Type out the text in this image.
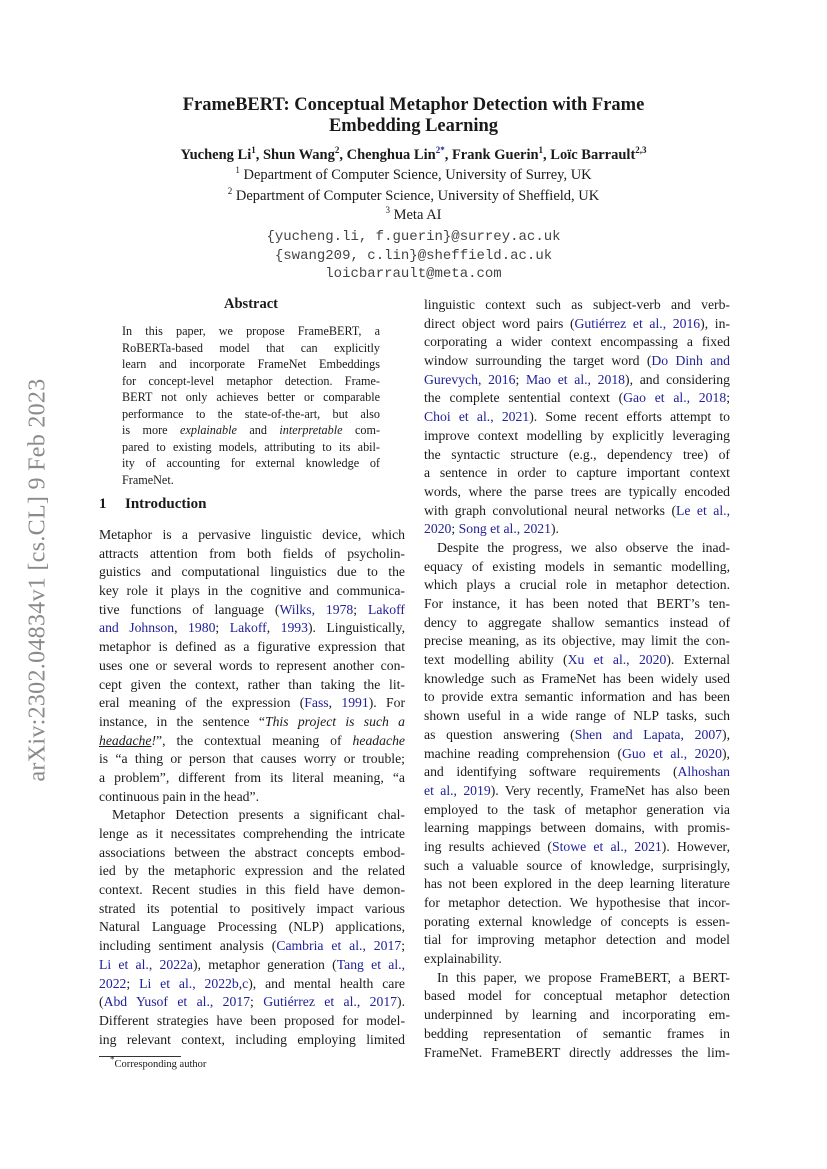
arXiv:2302.04834v1 [cs.CL] 9 Feb 2023
FrameBERT: Conceptual Metaphor Detection with Frame
Embedding Learning
Yucheng Li$^1$, Shun Wang$^2$, Chenghua Lin$^{2*}$, Frank Guerin$^1$, Loïc Barrault$^{2,3}$
$^1$ Department of Computer Science, University of Surrey, UK
$^2$ Department of Computer Science, University of Sheffield, UK
$^3$ Meta AI
{yucheng.li, f.guerin}@surrey.ac.uk
{swang209, c.lin}@sheffield.ac.uk
loicbarrault@meta.com
Abstract
In this paper, we propose FrameBERT, a
RoBERTa-based model that can explicitly
learn and incorporate FrameNet Embeddings
for concept-level metaphor detection. Frame-
BERT not only achieves better or comparable
performance to the state-of-the-art, but also
is more explainable and interpretable com-
pared to existing models, attributing to its abil-
ity of accounting for external knowledge of
FrameNet.
1 Introduction
Metaphor is a pervasive linguistic device, which
attracts attention from both fields of psycholin-
guistics and computational linguistics due to the
key role it plays in the cognitive and communica-
tive functions of language (Wilks, 1978; Lakoff
and Johnson, 1980; Lakoff, 1993). Linguistically,
metaphor is defined as a figurative expression that
uses one or several words to represent another con-
cept given the context, rather than taking the lit-
eral meaning of the expression (Fass, 1991). For
instance, in the sentence “This project is such a
headache!”, the contextual meaning of headache
is “a thing or person that causes worry or trouble;
a problem”, different from its literal meaning, “a
continuous pain in the head”.
Metaphor Detection presents a significant chal-
lenge as it necessitates comprehending the intricate
associations between the abstract concepts embod-
ied by the metaphoric expression and the related
context. Recent studies in this field have demon-
strated its potential to positively impact various
Natural Language Processing (NLP) applications,
including sentiment analysis (Cambria et al., 2017;
Li et al., 2022a), metaphor generation (Tang et al.,
2022; Li et al., 2022b,c), and mental health care
(Abd Yusof et al., 2017; Gutiérrez et al., 2017).
Different strategies have been proposed for model-
ing relevant context, including employing limited
linguistic context such as subject-verb and verb-
direct object word pairs (Gutiérrez et al., 2016), in-
corporating a wider context encompassing a fixed
window surrounding the target word (Do Dinh and
Gurevych, 2016; Mao et al., 2018), and considering
the complete sentential context (Gao et al., 2018;
Choi et al., 2021). Some recent efforts attempt to
improve context modelling by explicitly leveraging
the syntactic structure (e.g., dependency tree) of
a sentence in order to capture important context
words, where the parse trees are typically encoded
with graph convolutional neural networks (Le et al.,
2020; Song et al., 2021).
Despite the progress, we also observe the inad-
equacy of existing models in semantic modelling,
which plays a crucial role in metaphor detection.
For instance, it has been noted that BERT’s ten-
dency to aggregate shallow semantics instead of
precise meaning, as its objective, may limit the con-
text modelling ability (Xu et al., 2020). External
knowledge such as FrameNet has been widely used
to provide extra semantic information and has been
shown useful in a wide range of NLP tasks, such
as question answering (Shen and Lapata, 2007),
machine reading comprehension (Guo et al., 2020),
and identifying software requirements (Alhoshan
et al., 2019). Very recently, FrameNet has also been
employed to the task of metaphor generation via
learning mappings between domains, with promis-
ing results achieved (Stowe et al., 2021). However,
such a valuable source of knowledge, surprisingly,
has not been explored in the deep learning literature
for metaphor detection. We hypothesise that incor-
porating external knowledge of concepts is essen-
tial for improving metaphor detection and model
explainability.
In this paper, we propose FrameBERT, a BERT-
based model for conceptual metaphor detection
underpinned by learning and incorporating em-
bedding representation of semantic frames in
FrameNet. FrameBERT directly addresses the lim-
*Corresponding author
